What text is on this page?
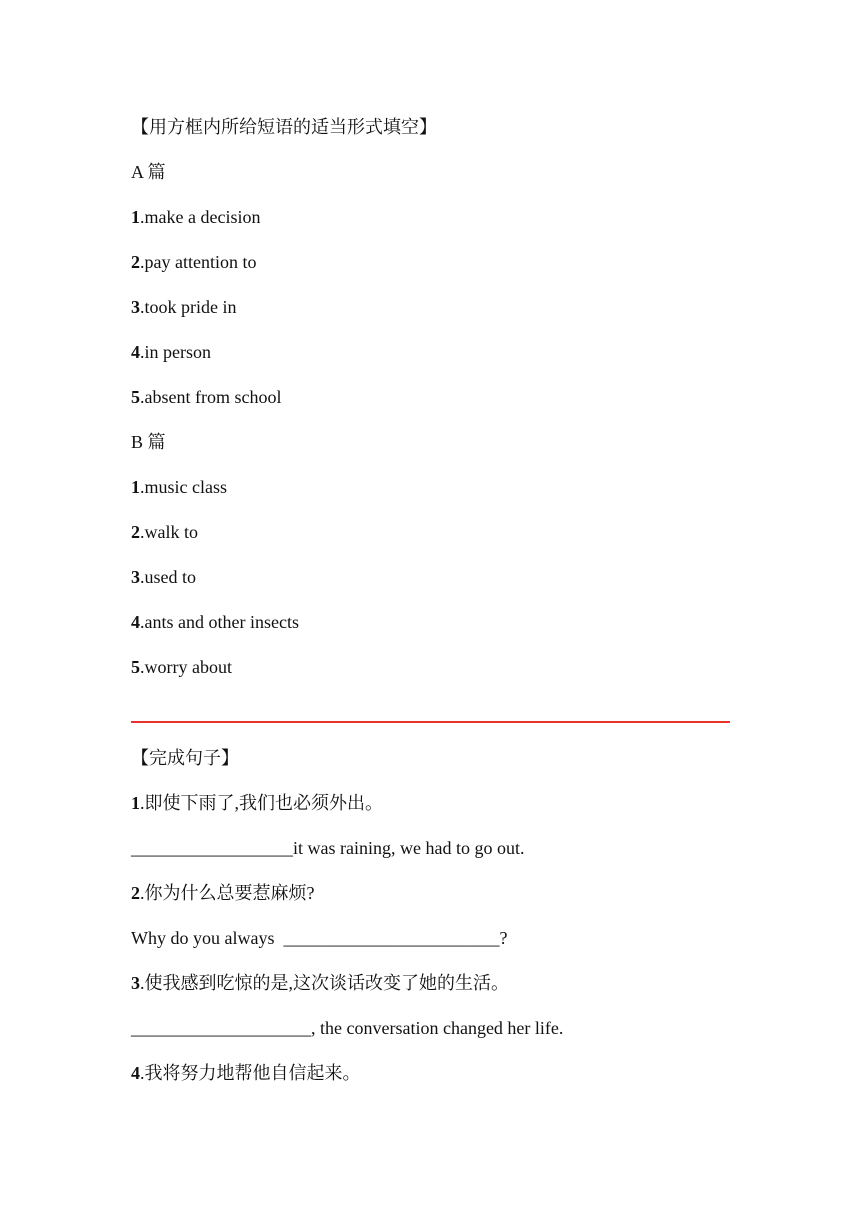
【用方框内所给短语的适当形式填空】
A 篇
1.make a decision
2.pay attention to
3.took pride in
4.in person
5.absent from school
B 篇
1.music class
2.walk to
3.used to
4.ants and other insects
5.worry about
【完成句子】
1.即使下雨了,我们也必须外出。
__________________it was raining, we had to go out.
2.你为什么总要惹麻烦?
Why do you always  ________________________?
3.使我感到吃惊的是,这次谈话改变了她的生活。
____________________, the conversation changed her life.
4.我将努力地帮他自信起来。
